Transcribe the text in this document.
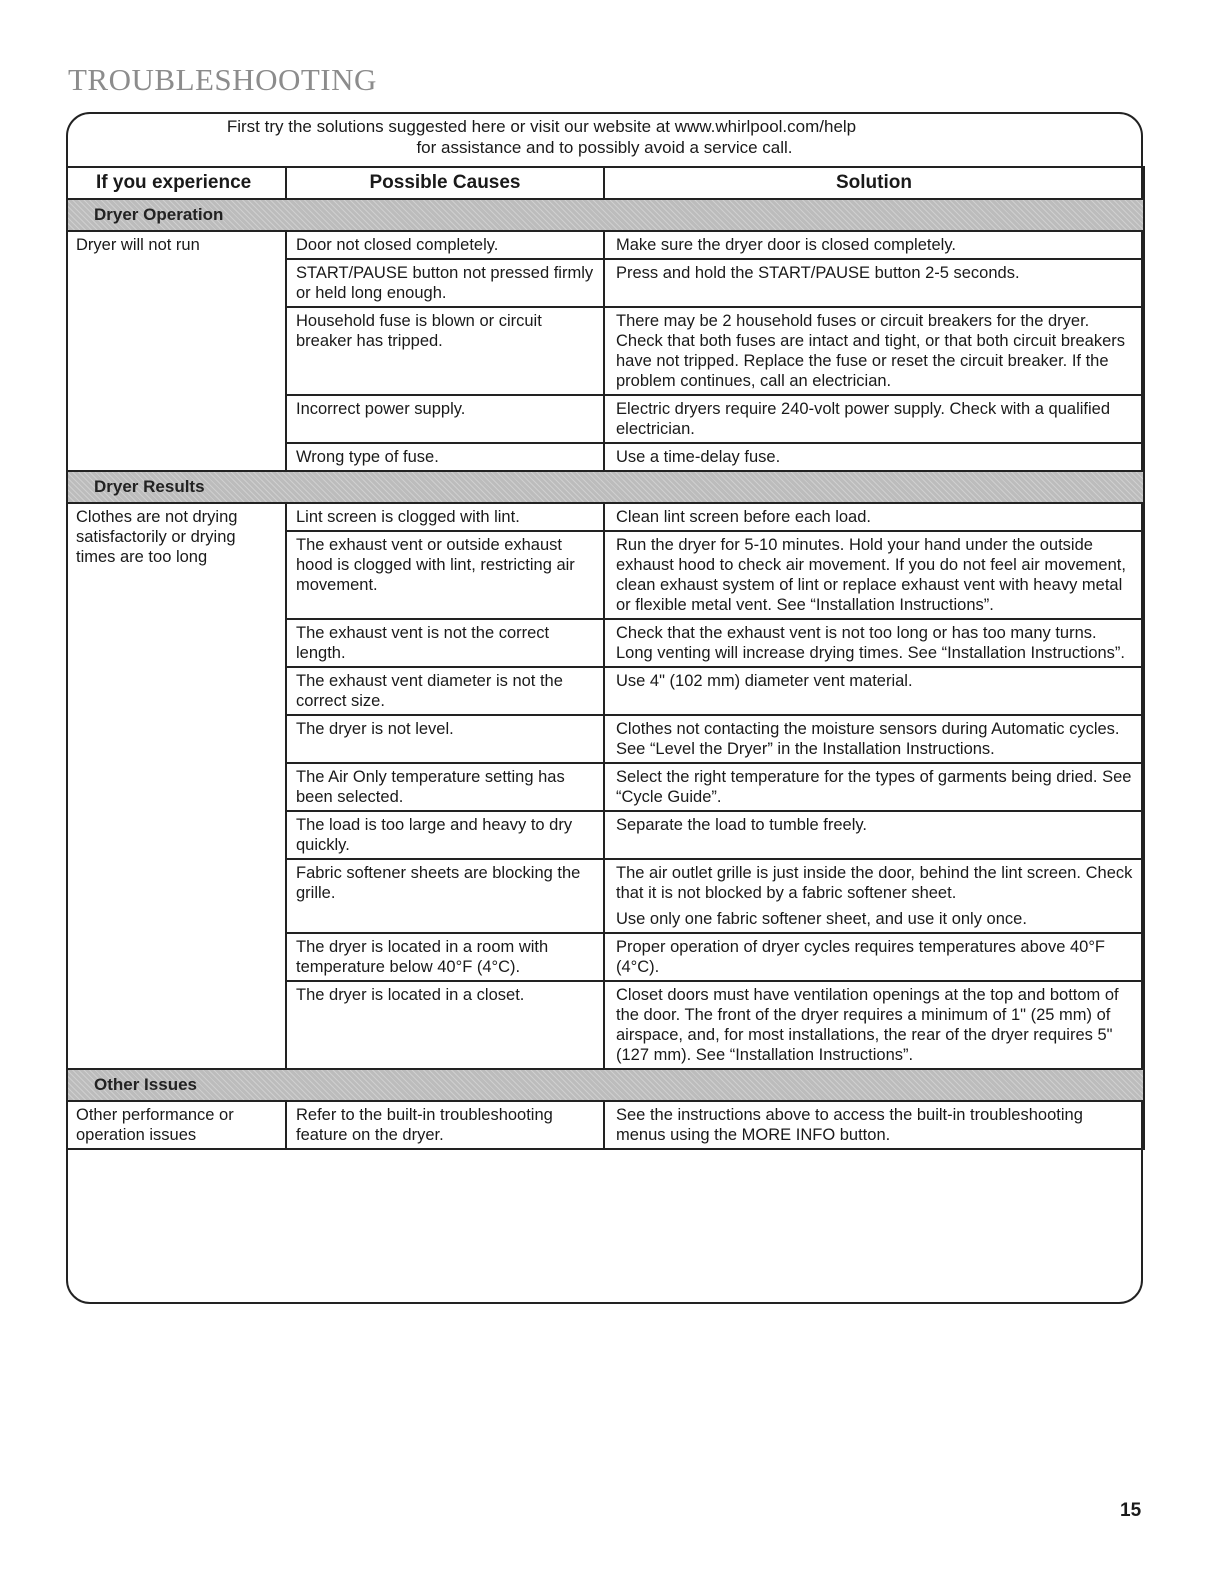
TROUBLESHOOTING
First try the solutions suggested here or visit our website at www.whirlpool.com/help
for assistance and to possibly avoid a service call.
If you experience	Possible Causes	Solution
Dryer Operation		
Dryer will not run	Door not closed completely.	Make sure the dryer door is closed completely.

	START/PAUSE button not pressed firmly or held long enough.	Press and hold the START/PAUSE button 2-5 seconds.

	Household fuse is blown or circuit breaker has tripped.	There may be 2 household fuses or circuit breakers for the dryer. Check that both fuses are intact and tight, or that both circuit breakers have not tripped. Replace the fuse or reset the circuit breaker. If the problem continues, call an electrician.

	Incorrect power supply.	Electric dryers require 240-volt power supply. Check with a qualified electrician.

	Wrong type of fuse.	Use a time-delay fuse.

Dryer Results		
Clothes are not drying satisfactorily or drying times are too long	Lint screen is clogged with lint.	Clean lint screen before each load.

	The exhaust vent or outside exhaust hood is clogged with lint, restricting air movement.	Run the dryer for 5-10 minutes. Hold your hand under the outside exhaust hood to check air movement. If you do not feel air movement, clean exhaust system of lint or replace exhaust vent with heavy metal or flexible metal vent. See “Installation Instructions”.

	The exhaust vent is not the correct length.	Check that the exhaust vent is not too long or has too many turns. Long venting will increase drying times. See “Installation Instructions”.

	The exhaust vent diameter is not the correct size.	Use 4" (102 mm) diameter vent material.

	The dryer is not level.	Clothes not contacting the moisture sensors during Automatic cycles. See “Level the Dryer” in the Installation Instructions.

	The Air Only temperature setting has been selected.	Select the right temperature for the types of garments being dried. See “Cycle Guide”.

	The load is too large and heavy to dry quickly.	Separate the load to tumble freely.

	Fabric softener sheets are blocking the grille.	The air outlet grille is just inside the door, behind the lint screen. Check that it is not blocked by a fabric softener sheet.
Use only one fabric softener sheet, and use it only once.

	The dryer is located in a room with temperature below 40°F (4°C).	Proper operation of dryer cycles requires temperatures above 40°F (4°C).

	The dryer is located in a closet.	Closet doors must have ventilation openings at the top and bottom of the door. The front of the dryer requires a minimum of 1" (25 mm) of airspace, and, for most installations, the rear of the dryer requires 5" (127 mm). See “Installation Instructions”.

Other Issues		
Other performance or operation issues	Refer to the built-in troubleshooting feature on the dryer.	See the instructions above to access the built-in troubleshooting menus using the MORE INFO button.
15
